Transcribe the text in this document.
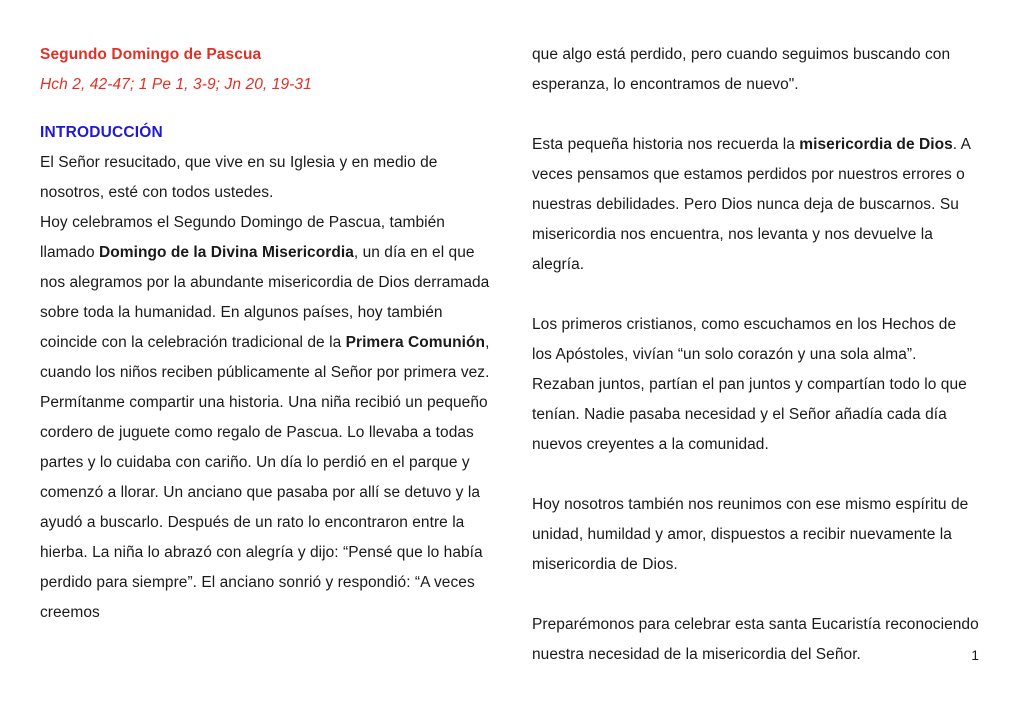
Segundo Domingo de Pascua
Hch 2, 42-47; 1 Pe 1, 3-9; Jn 20, 19-31
INTRODUCCIÓN

El Señor resucitado, que vive en su Iglesia y en medio de nosotros, esté con todos ustedes.

Hoy celebramos el Segundo Domingo de Pascua, también llamado Domingo de la Divina Misericordia, un día en el que nos alegramos por la abundante misericordia de Dios derramada sobre toda la humanidad. En algunos países, hoy también coincide con la celebración tradicional de la Primera Comunión, cuando los niños reciben públicamente al Señor por primera vez.

Permítanme compartir una historia. Una niña recibió un pequeño cordero de juguete como regalo de Pascua. Lo llevaba a todas partes y lo cuidaba con cariño. Un día lo perdió en el parque y comenzó a llorar. Un anciano que pasaba por allí se detuvo y la ayudó a buscarlo. Después de un rato lo encontraron entre la hierba. La niña lo abrazó con alegría y dijo: “Pensé que lo había perdido para siempre”. El anciano sonrió y respondió: “A veces creemos

que algo está perdido, pero cuando seguimos buscando con esperanza, lo encontramos de nuevo".

Esta pequeña historia nos recuerda la misericordia de Dios. A veces pensamos que estamos perdidos por nuestros errores o nuestras debilidades. Pero Dios nunca deja de buscarnos. Su misericordia nos encuentra, nos levanta y nos devuelve la alegría.

Los primeros cristianos, como escuchamos en los Hechos de los Apóstoles, vivían “un solo corazón y una sola alma”. Rezaban juntos, partían el pan juntos y compartían todo lo que tenían. Nadie pasaba necesidad y el Señor añadía cada día nuevos creyentes a la comunidad.

Hoy nosotros también nos reunimos con ese mismo espíritu de unidad, humildad y amor, dispuestos a recibir nuevamente la misericordia de Dios.

Preparémonos para celebrar esta santa Eucaristía reconociendo nuestra necesidad de la misericordia del Señor.	1
